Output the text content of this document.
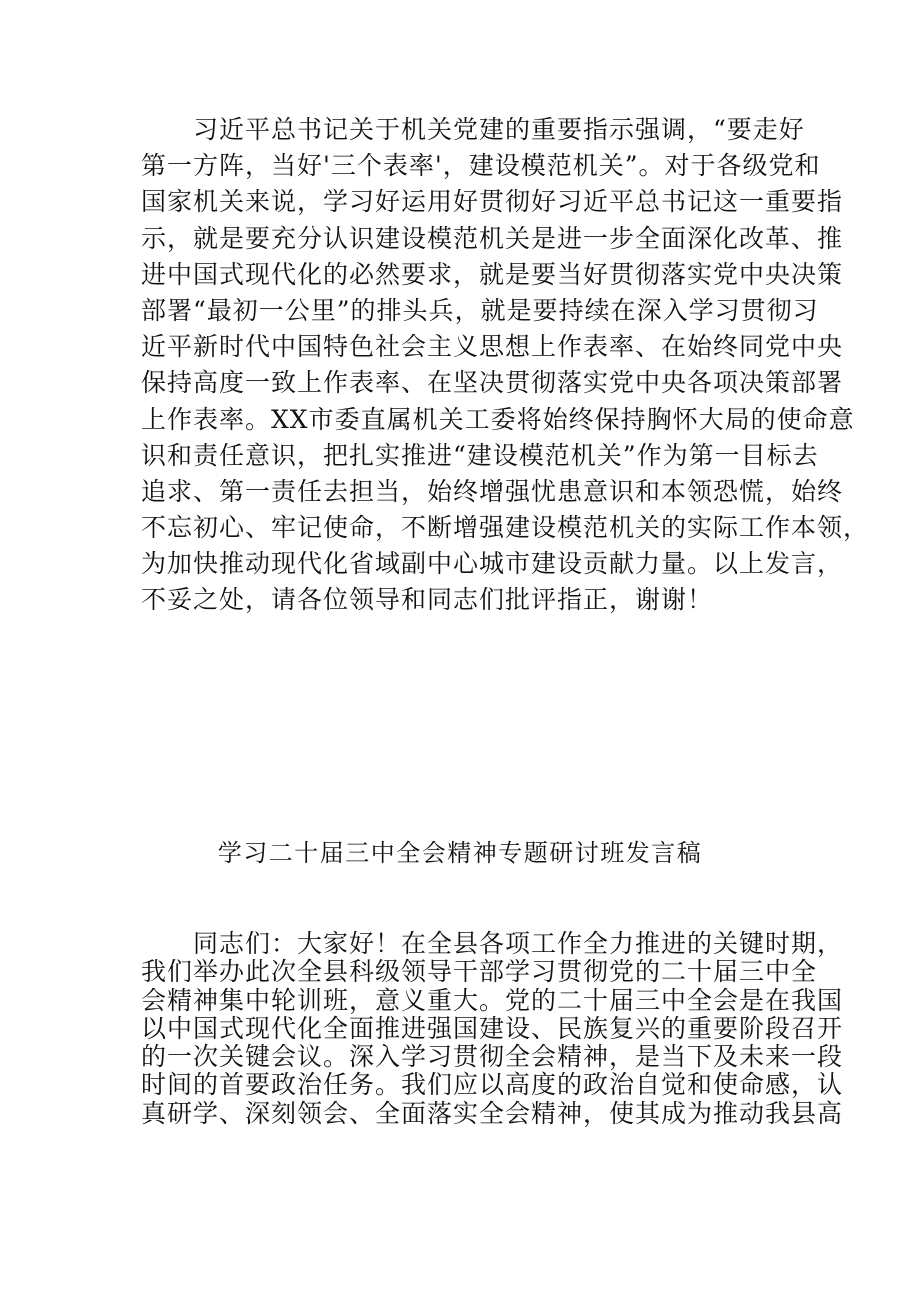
　　习近平总书记关于机关党建的重要指示强调，“要走好
第一方阵，当好'三个表率'，建设模范机关”。对于各级党和
国家机关来说，学习好运用好贯彻好习近平总书记这一重要指
示，就是要充分认识建设模范机关是进一步全面深化改革、推
进中国式现代化的必然要求，就是要当好贯彻落实党中央决策
部署“最初一公里”的排头兵，就是要持续在深入学习贯彻习
近平新时代中国特色社会主义思想上作表率、在始终同党中央
保持高度一致上作表率、在坚决贯彻落实党中央各项决策部署
上作表率。XX市委直属机关工委将始终保持胸怀大局的使命意
识和责任意识，把扎实推进“建设模范机关”作为第一目标去
追求、第一责任去担当，始终增强忧患意识和本领恐慌，始终
不忘初心、牢记使命，不断增强建设模范机关的实际工作本领，
为加快推动现代化省域副中心城市建设贡献力量。以上发言，
不妥之处，请各位领导和同志们批评指正，谢谢！
学习二十届三中全会精神专题研讨班发言稿
　　同志们：大家好！在全县各项工作全力推进的关键时期，
我们举办此次全县科级领导干部学习贯彻党的二十届三中全
会精神集中轮训班，意义重大。党的二十届三中全会是在我国
以中国式现代化全面推进强国建设、民族复兴的重要阶段召开
的一次关键会议。深入学习贯彻全会精神，是当下及未来一段
时间的首要政治任务。我们应以高度的政治自觉和使命感，认
真研学、深刻领会、全面落实全会精神，使其成为推动我县高
